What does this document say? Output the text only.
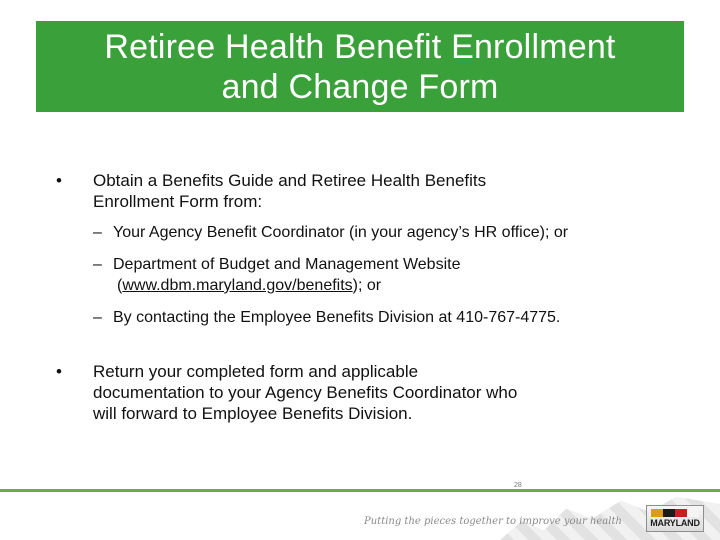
Retiree Health Benefit Enrollment
and Change Form
• Obtain a Benefits Guide and Retiree Health Benefits
Enrollment Form from:
– Your Agency Benefit Coordinator (in your agency’s HR office); or
– Department of Budget and Management Website
(www.dbm.maryland.gov/benefits); or
– By contacting the Employee Benefits Division at 410-767-4775.
• Return your completed form and applicable
documentation to your Agency Benefits Coordinator who
will forward to Employee Benefits Division.
28
Putting the pieces together to improve your health	MARYLAND
